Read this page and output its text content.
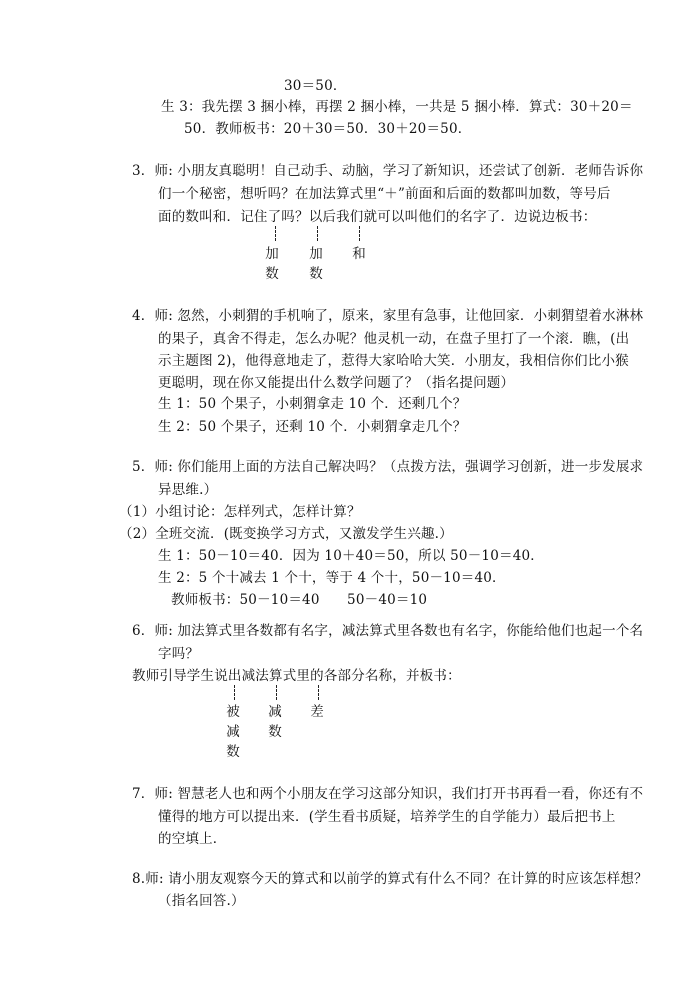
30＝50．
生 3：我先摆 3 捆小棒，再摆 2 捆小棒，一共是 5 捆小棒．算式：30＋20＝
50．教师板书：20＋30＝50．30＋20＝50．
3．师: 小朋友真聪明！自己动手、动脑，学习了新知识，还尝试了创新．老师告诉你
们一个秘密，想听吗？在加法算式里“＋”前面和后面的数都叫加数，等号后
面的数叫和．记住了吗？以后我们就可以叫他们的名字了．边说边板书：
加数
加数
和
4．师: 忽然，小刺猬的手机响了，原来，家里有急事，让他回家．小刺猬望着水淋林
的果子，真舍不得走，怎么办呢？他灵机一动，在盘子里打了一个滚．瞧，(出
示主题图 2)，他得意地走了，惹得大家哈哈大笑．小朋友，我相信你们比小猴
更聪明，现在你又能提出什么数学问题了？（指名提问题）
生 1：50 个果子，小刺猬拿走 10 个．还剩几个？
生 2：50 个果子，还剩 10 个．小刺猬拿走几个？
5．师: 你们能用上面的方法自己解决吗？（点拨方法，强调学习创新，进一步发展求
异思维.）
（1）小组讨论：怎样列式，怎样计算？
（2）全班交流．(既变换学习方式，又激发学生兴趣.）
生 1：50－10＝40．因为 10＋40＝50，所以 50－10＝40．
生 2：5 个十减去 1 个十，等于 4 个十，50－10＝40．
教师板书：50－10＝40　　50－40＝10
6．师: 加法算式里各数都有名字，减法算式里各数也有名字，你能给他们也起一个名
字吗？
教师引导学生说出减法算式里的各部分名称，并板书：
被减数
减数
差
7．师: 智慧老人也和两个小朋友在学习这部分知识，我们打开书再看一看，你还有不
懂得的地方可以提出来．(学生看书质疑，培养学生的自学能力）最后把书上
的空填上．
8.师: 请小朋友观察今天的算式和以前学的算式有什么不同？在计算的时应该怎样想？
（指名回答.）
